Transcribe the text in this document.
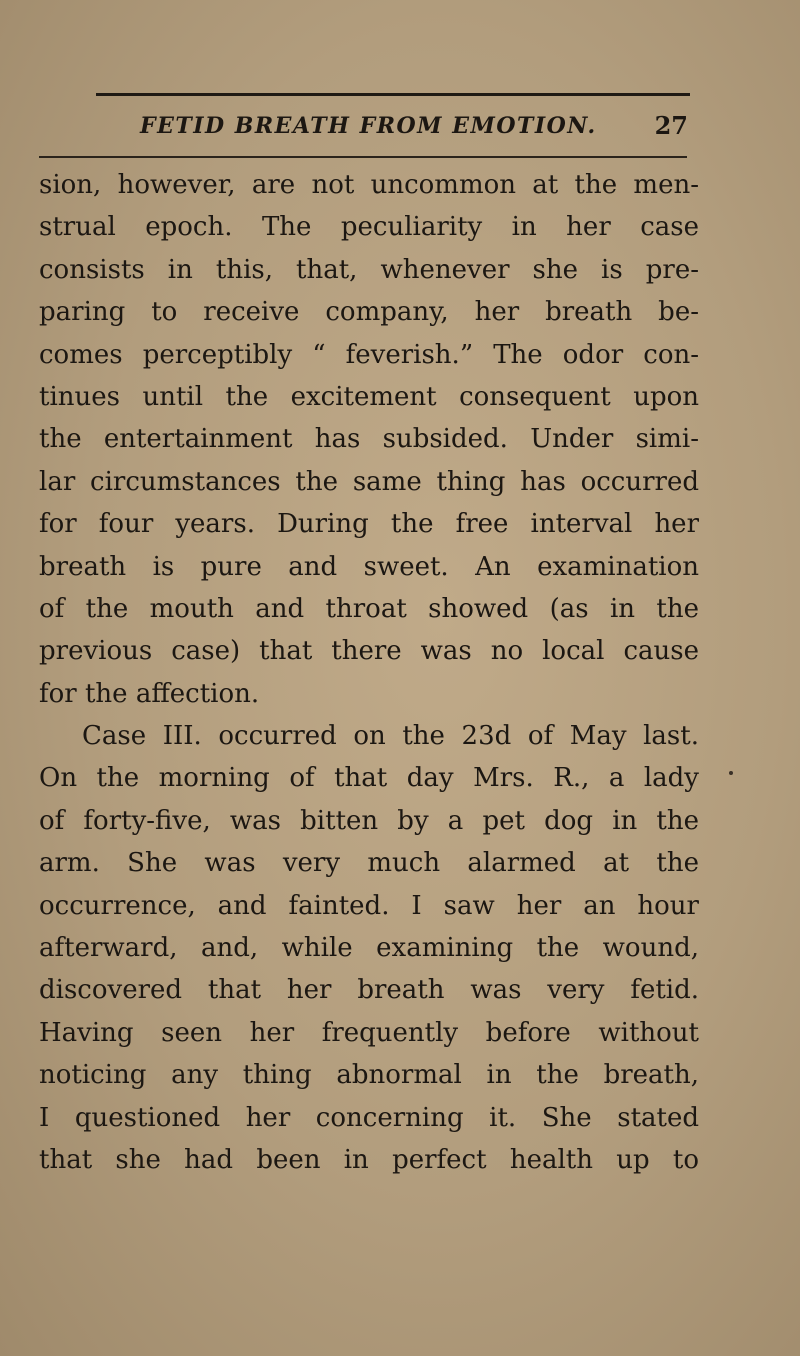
FETID BREATH FROM EMOTION. 27
sion, however, are not uncommon at the men-
strual epoch. The peculiarity in her case
consists in this, that, whenever she is pre-
paring to receive company, her breath be-
comes perceptibly “ feverish.” The odor con-
tinues until the excitement consequent upon
the entertainment has subsided. Under simi-
lar circumstances the same thing has occurred
for four years. During the free interval her
breath is pure and sweet. An examination
of the mouth and throat showed (as in the
previous case) that there was no local cause
for the affection.
Case III. occurred on the 23d of May last.
On the morning of that day Mrs. R., a lady
of forty-five, was bitten by a pet dog in the
arm. She was very much alarmed at the
occurrence, and fainted. I saw her an hour
afterward, and, while examining the wound,
discovered that her breath was very fetid.
Having seen her frequently before without
noticing any thing abnormal in the breath,
I questioned her concerning it. She stated
that she had been in perfect health up to
